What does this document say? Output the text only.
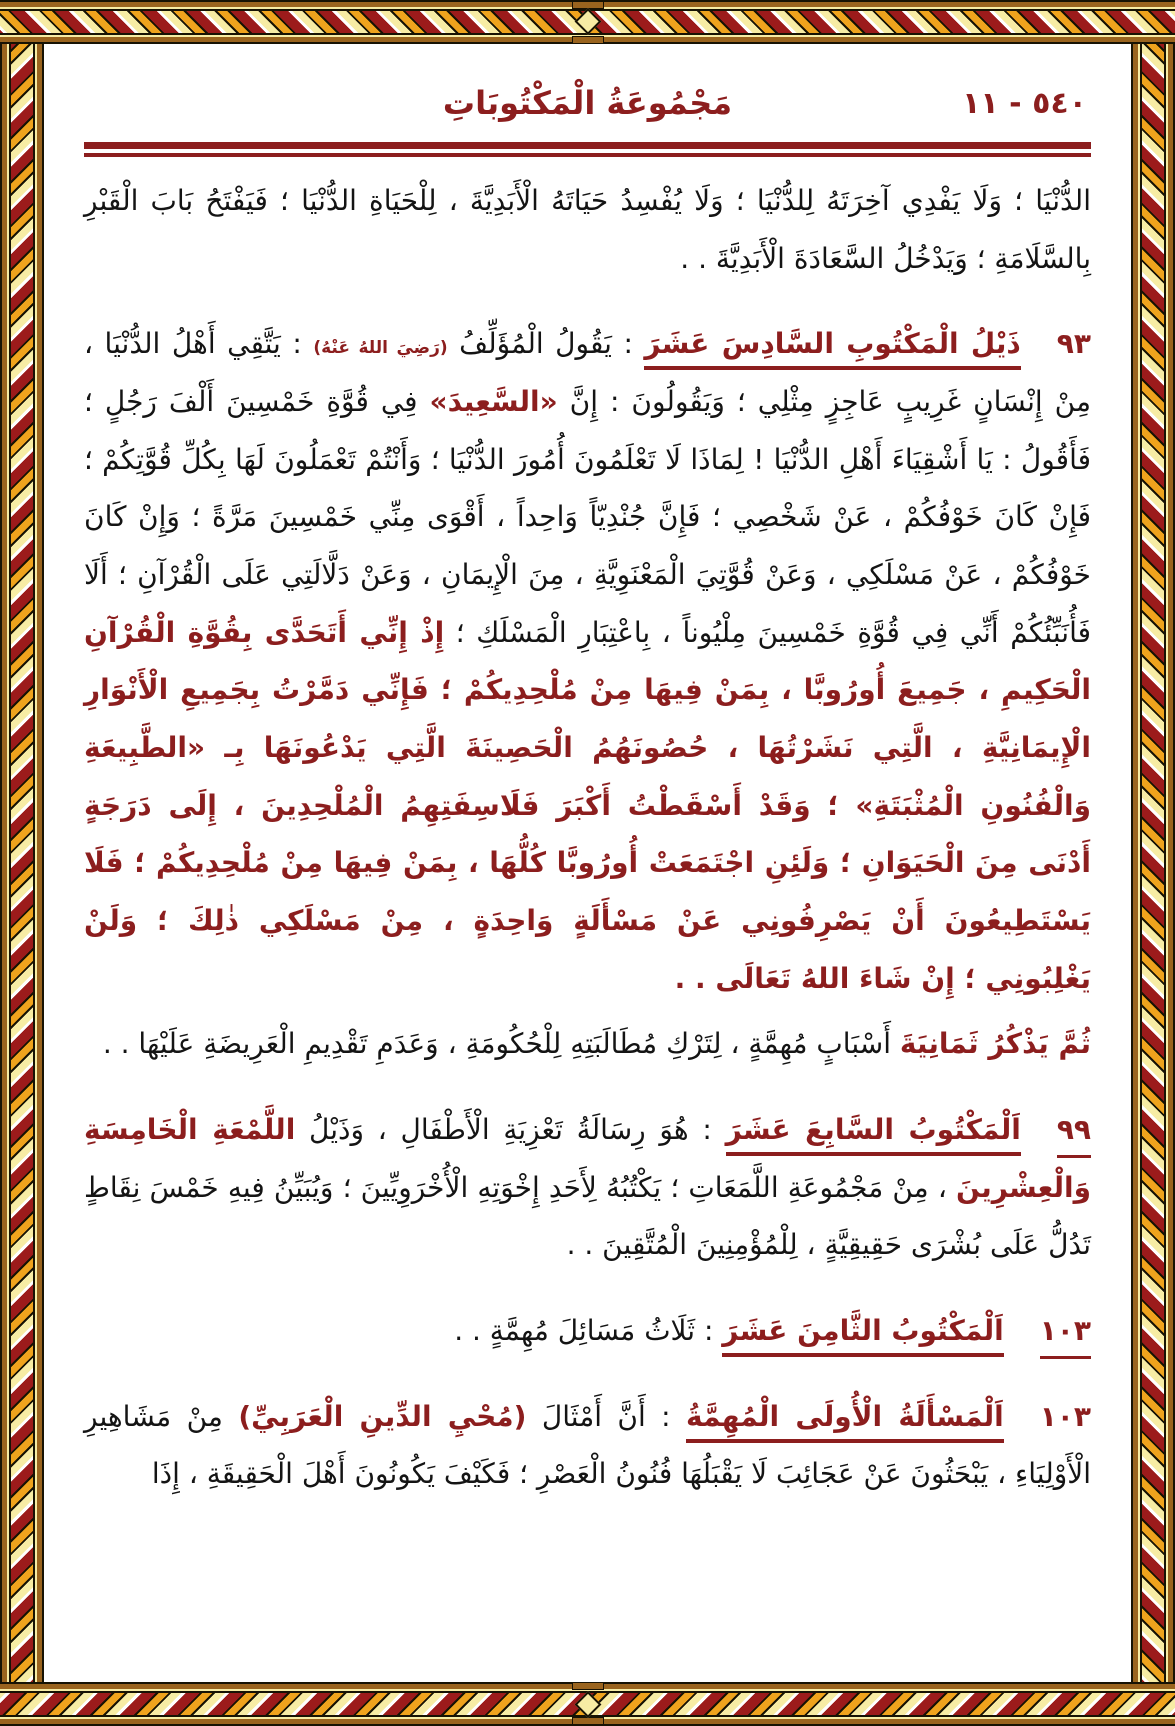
٥٤٠ - ١١
مَجْمُوعَةُ الْمَكْتُوبَاتِ

الدُّنْيَا ؛ وَلَا يَفْدِي آخِرَتَهُ لِلدُّنْيَا ؛ وَلَا يُفْسِدُ حَيَاتَهُ الْأَبَدِيَّةَ ، لِلْحَيَاةِ الدُّنْيَا ؛ فَيَفْتَحُ بَابَ الْقَبْرِ بِالسَّلَامَةِ ؛ وَيَدْخُلُ السَّعَادَةَ الْأَبَدِيَّةَ . .

٩٣ذَيْلُ الْمَكْتُوبِ السَّادِسَ عَشَرَ : يَقُولُ الْمُؤَلِّفُ (رَضِيَ اللهُ عَنْهُ) : يَتَّقِي أَهْلُ الدُّنْيَا ، مِنْ إِنْسَانٍ غَرِيبٍ عَاجِزٍ مِثْلِي ؛ وَيَقُولُونَ : إِنَّ «السَّعِيدَ» فِي قُوَّةِ خَمْسِينَ أَلْفَ رَجُلٍ ؛ فَأَقُولُ : يَا أَشْقِيَاءَ أَهْلِ الدُّنْيَا ! لِمَاذَا لَا تَعْلَمُونَ أُمُورَ الدُّنْيَا ؛ وَأَنْتُمْ تَعْمَلُونَ لَهَا بِكُلِّ قُوَّتِكُمْ ؛ فَإِنْ كَانَ خَوْفُكُمْ ، عَنْ شَخْصِي ؛ فَإِنَّ جُنْدِيّاً وَاحِداً ، أَقْوَى مِنِّي خَمْسِينَ مَرَّةً ؛ وَإِنْ كَانَ خَوْفُكُمْ ، عَنْ مَسْلَكِي ، وَعَنْ قُوَّتِيَ الْمَعْنَوِيَّةِ ، مِنَ الْإِيمَانِ ، وَعَنْ دَلَّالَتِي عَلَى الْقُرْآنِ ؛ أَلَا فَأُنَبِّئُكُمْ أَنِّي فِي قُوَّةِ خَمْسِينَ مِلْيُوناً ، بِاعْتِبَارِ الْمَسْلَكِ ؛ إِذْ إِنِّي أَتَحَدَّى بِقُوَّةِ الْقُرْآنِ الْحَكِيمِ ، جَمِيعَ أُورُوبَّا ، بِمَنْ فِيهَا مِنْ مُلْحِدِيكُمْ ؛ فَإِنِّي دَمَّرْتُ بِجَمِيعِ الْأَنْوَارِ الْإِيمَانِيَّةِ ، الَّتِي نَشَرْتُهَا ، حُصُونَهُمُ الْحَصِينَةَ الَّتِي يَدْعُونَهَا بِـ «الطَّبِيعَةِ وَالْفُنُونِ الْمُثْبَتَةِ» ؛ وَقَدْ أَسْقَطْتُ أَكْبَرَ فَلَاسِفَتِهِمُ الْمُلْحِدِينَ ، إِلَى دَرَجَةٍ أَدْنَى مِنَ الْحَيَوَانِ ؛ وَلَئِنِ اجْتَمَعَتْ أُورُوبَّا كُلُّهَا ، بِمَنْ فِيهَا مِنْ مُلْحِدِيكُمْ ؛ فَلَا يَسْتَطِيعُونَ أَنْ يَصْرِفُونِي عَنْ مَسْأَلَةٍ وَاحِدَةٍ ، مِنْ مَسْلَكِي ذٰلِكَ ؛ وَلَنْ يَغْلِبُونِي ؛ إِنْ شَاءَ اللهُ تَعَالَى . .

ثُمَّ يَذْكُرُ ثَمَانِيَةَ أَسْبَابٍ مُهِمَّةٍ ، لِتَرْكِ مُطَالَبَتِهِ لِلْحُكُومَةِ ، وَعَدَمِ تَقْدِيمِ الْعَرِيضَةِ عَلَيْهَا . .

٩٩اَلْمَكْتُوبُ السَّابِعَ عَشَرَ : هُوَ رِسَالَةُ تَعْزِيَةِ الْأَطْفَالِ ، وَذَيْلُ اللَّمْعَةِ الْخَامِسَةِ وَالْعِشْرِينَ ، مِنْ مَجْمُوعَةِ اللَّمَعَاتِ ؛ يَكْتُبُهُ لِأَحَدِ إِخْوَتِهِ الْأُخْرَوِيِّينَ ؛ وَيُبَيِّنُ فِيهِ خَمْسَ نِقَاطٍ تَدُلُّ عَلَى بُشْرَى حَقِيقِيَّةٍ ، لِلْمُؤْمِنِينَ الْمُتَّقِينَ . .

١٠٣اَلْمَكْتُوبُ الثَّامِنَ عَشَرَ : ثَلَاثُ مَسَائِلَ مُهِمَّةٍ . .

١٠٣اَلْمَسْأَلَةُ الْأُولَى الْمُهِمَّةُ : أَنَّ أَمْثَالَ (مُحْيِ الدِّينِ الْعَرَبِيِّ) مِنْ مَشَاهِيرِ الْأَوْلِيَاءِ ، يَبْحَثُونَ عَنْ عَجَائِبَ لَا يَقْبَلُهَا فُنُونُ الْعَصْرِ ؛ فَكَيْفَ يَكُونُونَ أَهْلَ الْحَقِيقَةِ ، إِذَا
